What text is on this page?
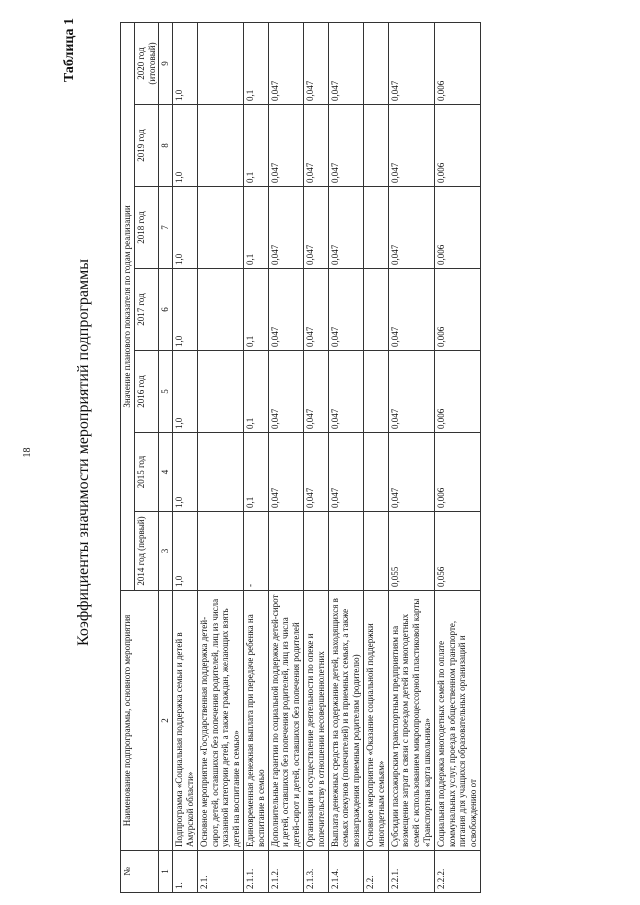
18
Таблица 1
Коэффициенты значимости мероприятий подпрограммы
№	Наименование подпрограммы, основного мероприятия	Значение планового показателя по годам реализации						
		2014 год (первый)	2015 год	2016 год	2017 год	2018 год	2019 год	2020 год (итоговый)
1	2	3	4	5	6	7	8	9
1.	Подпрограмма «Социальная поддержка семьи и детей в Амурской области»	1,0	1,0	1,0	1,0	1,0	1,0	1,0
2.1.	Основное мероприятие «Государственная поддержка детей-сирот, детей, оставшихся без попечения родителей, лиц из числа указанной категории детей, а также граждан, желающих взять детей на воспитание в семью»							
2.1.1.	Единовременная денежная выплата при передаче ребенка на воспитание в семью	-	0,1	0,1	0,1	0,1	0,1	0,1
2.1.2.	Дополнительные гарантии по социальной поддержке детей-сирот и детей, оставшихся без попечения родителей, лиц из числа детей-сирот и детей, оставшихся без попечения родителей		0,047	0,047	0,047	0,047	0,047	0,047
2.1.3.	Организация и осуществление деятельности по опеке и попечительству в отношении несовершеннолетних		0,047	0,047	0,047	0,047	0,047	0,047
2.1.4.	Выплата денежных средств на содержание детей, находящихся в семьях опекунов (попечителей) и в приемных семьях, а также вознаграждения приемным родителям (родителю)		0,047	0,047	0,047	0,047	0,047	0,047
2.2.	Основное мероприятие «Оказание социальной поддержки многодетным семьям»							
2.2.1.	Субсидии пассажирским транспортным предприятиям на возмещение затрат в связи с проездом детей из многодетных семей с использованием микропроцессорной пластиковой карты «Транспортная карта школьника»	0,055	0,047	0,047	0,047	0,047	0,047	0,047
2.2.2.	Социальная поддержка многодетных семей по оплате коммунальных услуг, проезда в общественном транспорте, питания для учащихся образовательных организаций и освобождению от	0,056	0,006	0,006	0,006	0,006	0,006	0,006
